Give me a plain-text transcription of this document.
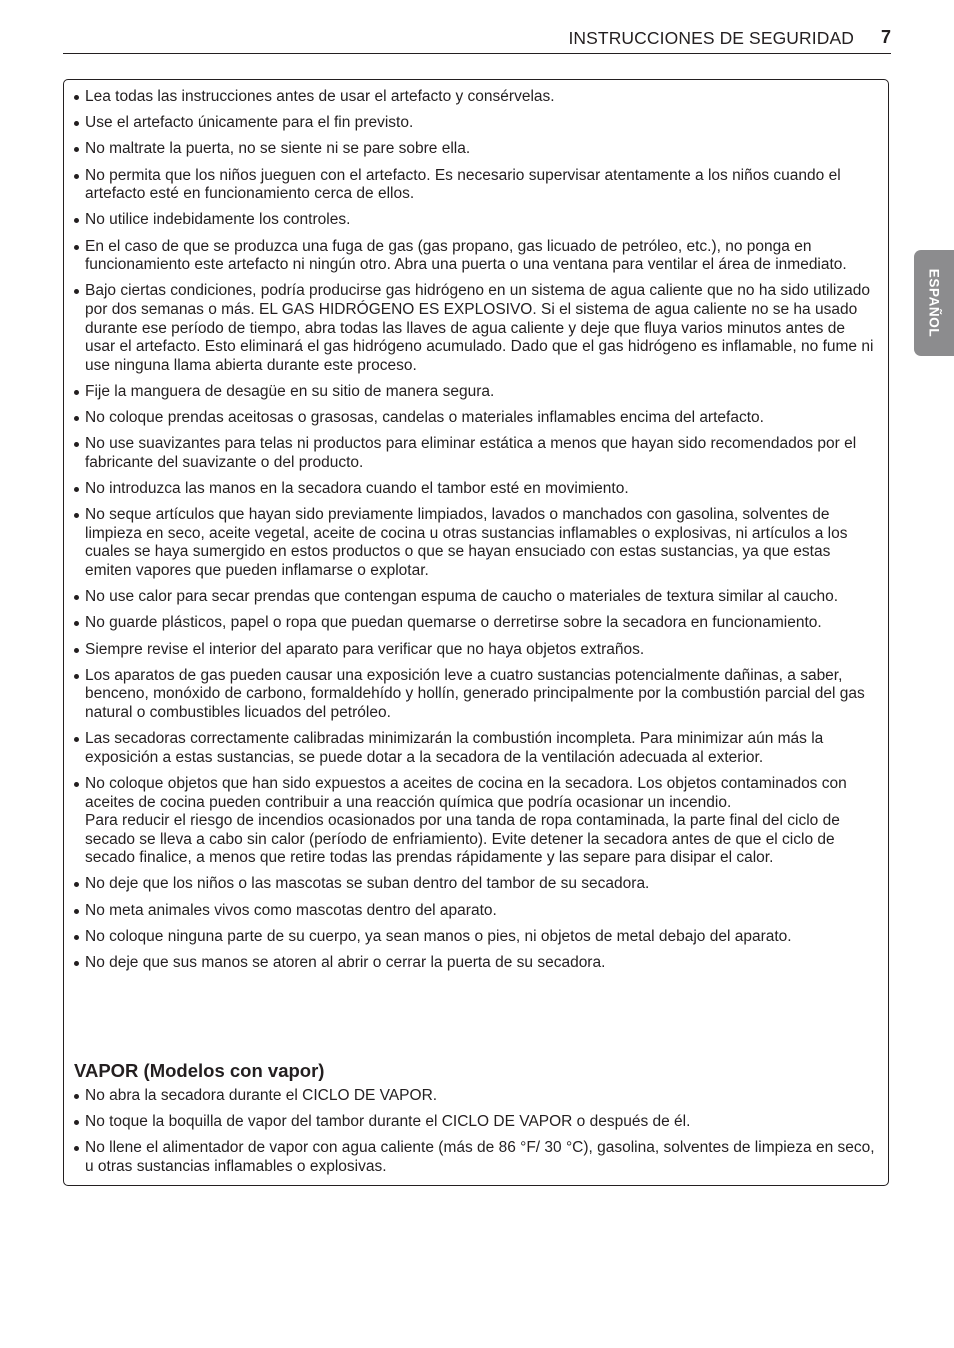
INSTRUCCIONES DE SEGURIDAD 7
ESPAÑOL
Lea todas las instrucciones antes de usar el artefacto y consérvelas.
Use el artefacto únicamente para el fin previsto.
No maltrate la puerta, no se siente ni se pare sobre ella.
No permita que los niños jueguen con el artefacto. Es necesario supervisar atentamente a los niños cuando el artefacto esté en funcionamiento cerca de ellos.
No utilice indebidamente los controles.
En el caso de que se produzca una fuga de gas (gas propano, gas licuado de petróleo, etc.), no ponga en funcionamiento este artefacto ni ningún otro. Abra una puerta o una ventana para ventilar el área de inmediato.
Bajo ciertas condiciones, podría producirse gas hidrógeno en un sistema de agua caliente que no ha sido utilizado por dos semanas o más. EL GAS HIDRÓGENO ES EXPLOSIVO. Si el sistema de agua caliente no se ha usado durante ese período de tiempo, abra todas las llaves de agua caliente y deje que fluya varios minutos antes de usar el artefacto. Esto eliminará el gas hidrógeno acumulado. Dado que el gas hidrógeno es inflamable, no fume ni use ninguna llama abierta durante este proceso.
Fije la manguera de desagüe en su sitio de manera segura.
No coloque prendas aceitosas o grasosas, candelas o materiales inflamables encima del artefacto.
No use suavizantes para telas ni productos para eliminar estática a menos que hayan sido recomendados por el fabricante del suavizante o del producto.
No introduzca las manos en la secadora cuando el tambor esté en movimiento.
No seque artículos que hayan sido previamente limpiados, lavados o manchados con gasolina, solventes de limpieza en seco, aceite vegetal, aceite de cocina u otras sustancias inflamables o explosivas, ni artículos a los cuales se haya sumergido en estos productos o que se hayan ensuciado con estas sustancias, ya que estas emiten vapores que pueden inflamarse o explotar.
No use calor para secar prendas que contengan espuma de caucho o materiales de textura similar al caucho.
No guarde plásticos, papel o ropa que puedan quemarse o derretirse sobre la secadora en funcionamiento.
Siempre revise el interior del aparato para verificar que no haya objetos extraños.
Los aparatos de gas pueden causar una exposición leve a cuatro sustancias potencialmente dañinas, a saber, benceno, monóxido de carbono, formaldehído y hollín, generado principalmente por la combustión parcial del gas natural o combustibles licuados del petróleo.
Las secadoras correctamente calibradas minimizarán la combustión incompleta. Para minimizar aún más la exposición a estas sustancias, se puede dotar a la secadora de la ventilación adecuada al exterior.
No coloque objetos que han sido expuestos a aceites de cocina en la secadora. Los objetos contaminados con aceites de cocina pueden contribuir a una reacción química que podría ocasionar un incendio.
Para reducir el riesgo de incendios ocasionados por una tanda de ropa contaminada, la parte final del ciclo de secado se lleva a cabo sin calor (período de enfriamiento). Evite detener la secadora antes de que el ciclo de secado finalice, a menos que retire todas las prendas rápidamente y las separe para disipar el calor.
No deje que los niños o las mascotas se suban dentro del tambor de su secadora.
No meta animales vivos como mascotas dentro del aparato.
No coloque ninguna parte de su cuerpo, ya sean manos o pies, ni objetos de metal debajo del aparato.
No deje que sus manos se atoren al abrir o cerrar la puerta de su secadora.
VAPOR (Modelos con vapor)
No abra la secadora durante el CICLO DE VAPOR.
No toque la boquilla de vapor del tambor durante el CICLO DE VAPOR o después de él.
No llene el alimentador de vapor con agua caliente (más de 86 °F/ 30 °C), gasolina, solventes de limpieza en seco, u otras sustancias inflamables o explosivas.
